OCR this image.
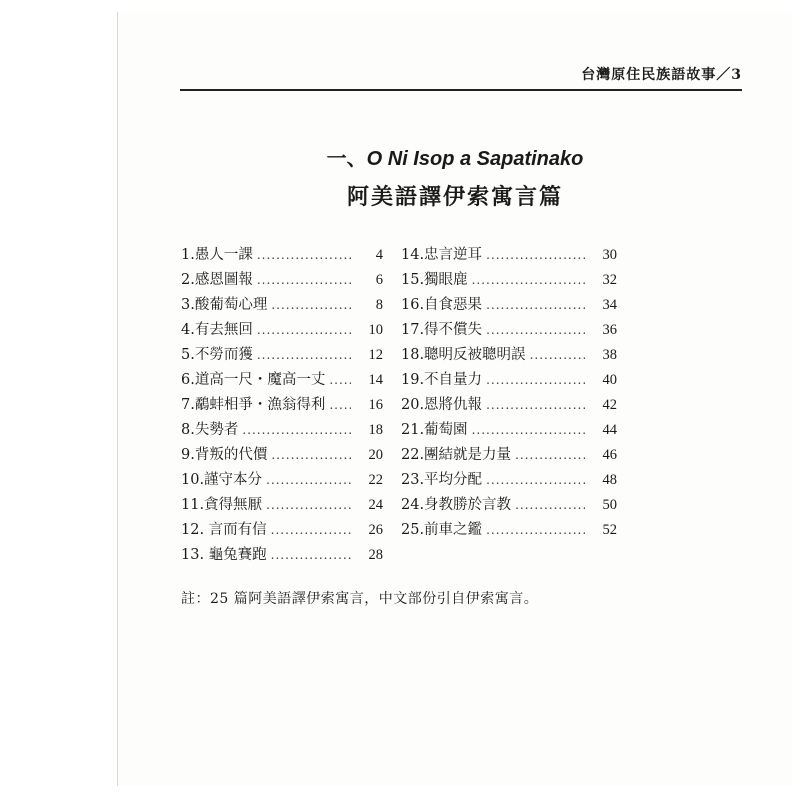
台灣原住民族語故事／3
一、O Ni Isop a Sapatinako
阿美語譯伊索寓言篇
1.愚人一課 .....	4
2.感恩圖報 .....	6
3.酸葡萄心理 .....	8
4.有去無回 .....	10
5.不勞而獲 .....	12
6.道高一尺・魔高一丈 .....	14
7.鷸蚌相爭・漁翁得利 .....	16
8.失勢者 .....	18
9.背叛的代價 .....	20
10.謹守本分 .....	22
11.貪得無厭 .....	24
12. 言而有信 .....	26
13. 龜兔賽跑 .....	28
14.忠言逆耳 .....	30
15.獨眼鹿 .....	32
16.自食惡果 .....	34
17.得不償失 .....	36
18.聰明反被聰明誤 .....	38
19.不自量力 .....	40
20.恩將仇報 .....	42
21.葡萄園 .....	44
22.團結就是力量 .....	46
23.平均分配 .....	48
24.身教勝於言教 .....	50
25.前車之鑑 .....	52
註：25 篇阿美語譯伊索寓言，中文部份引自伊索寓言。
